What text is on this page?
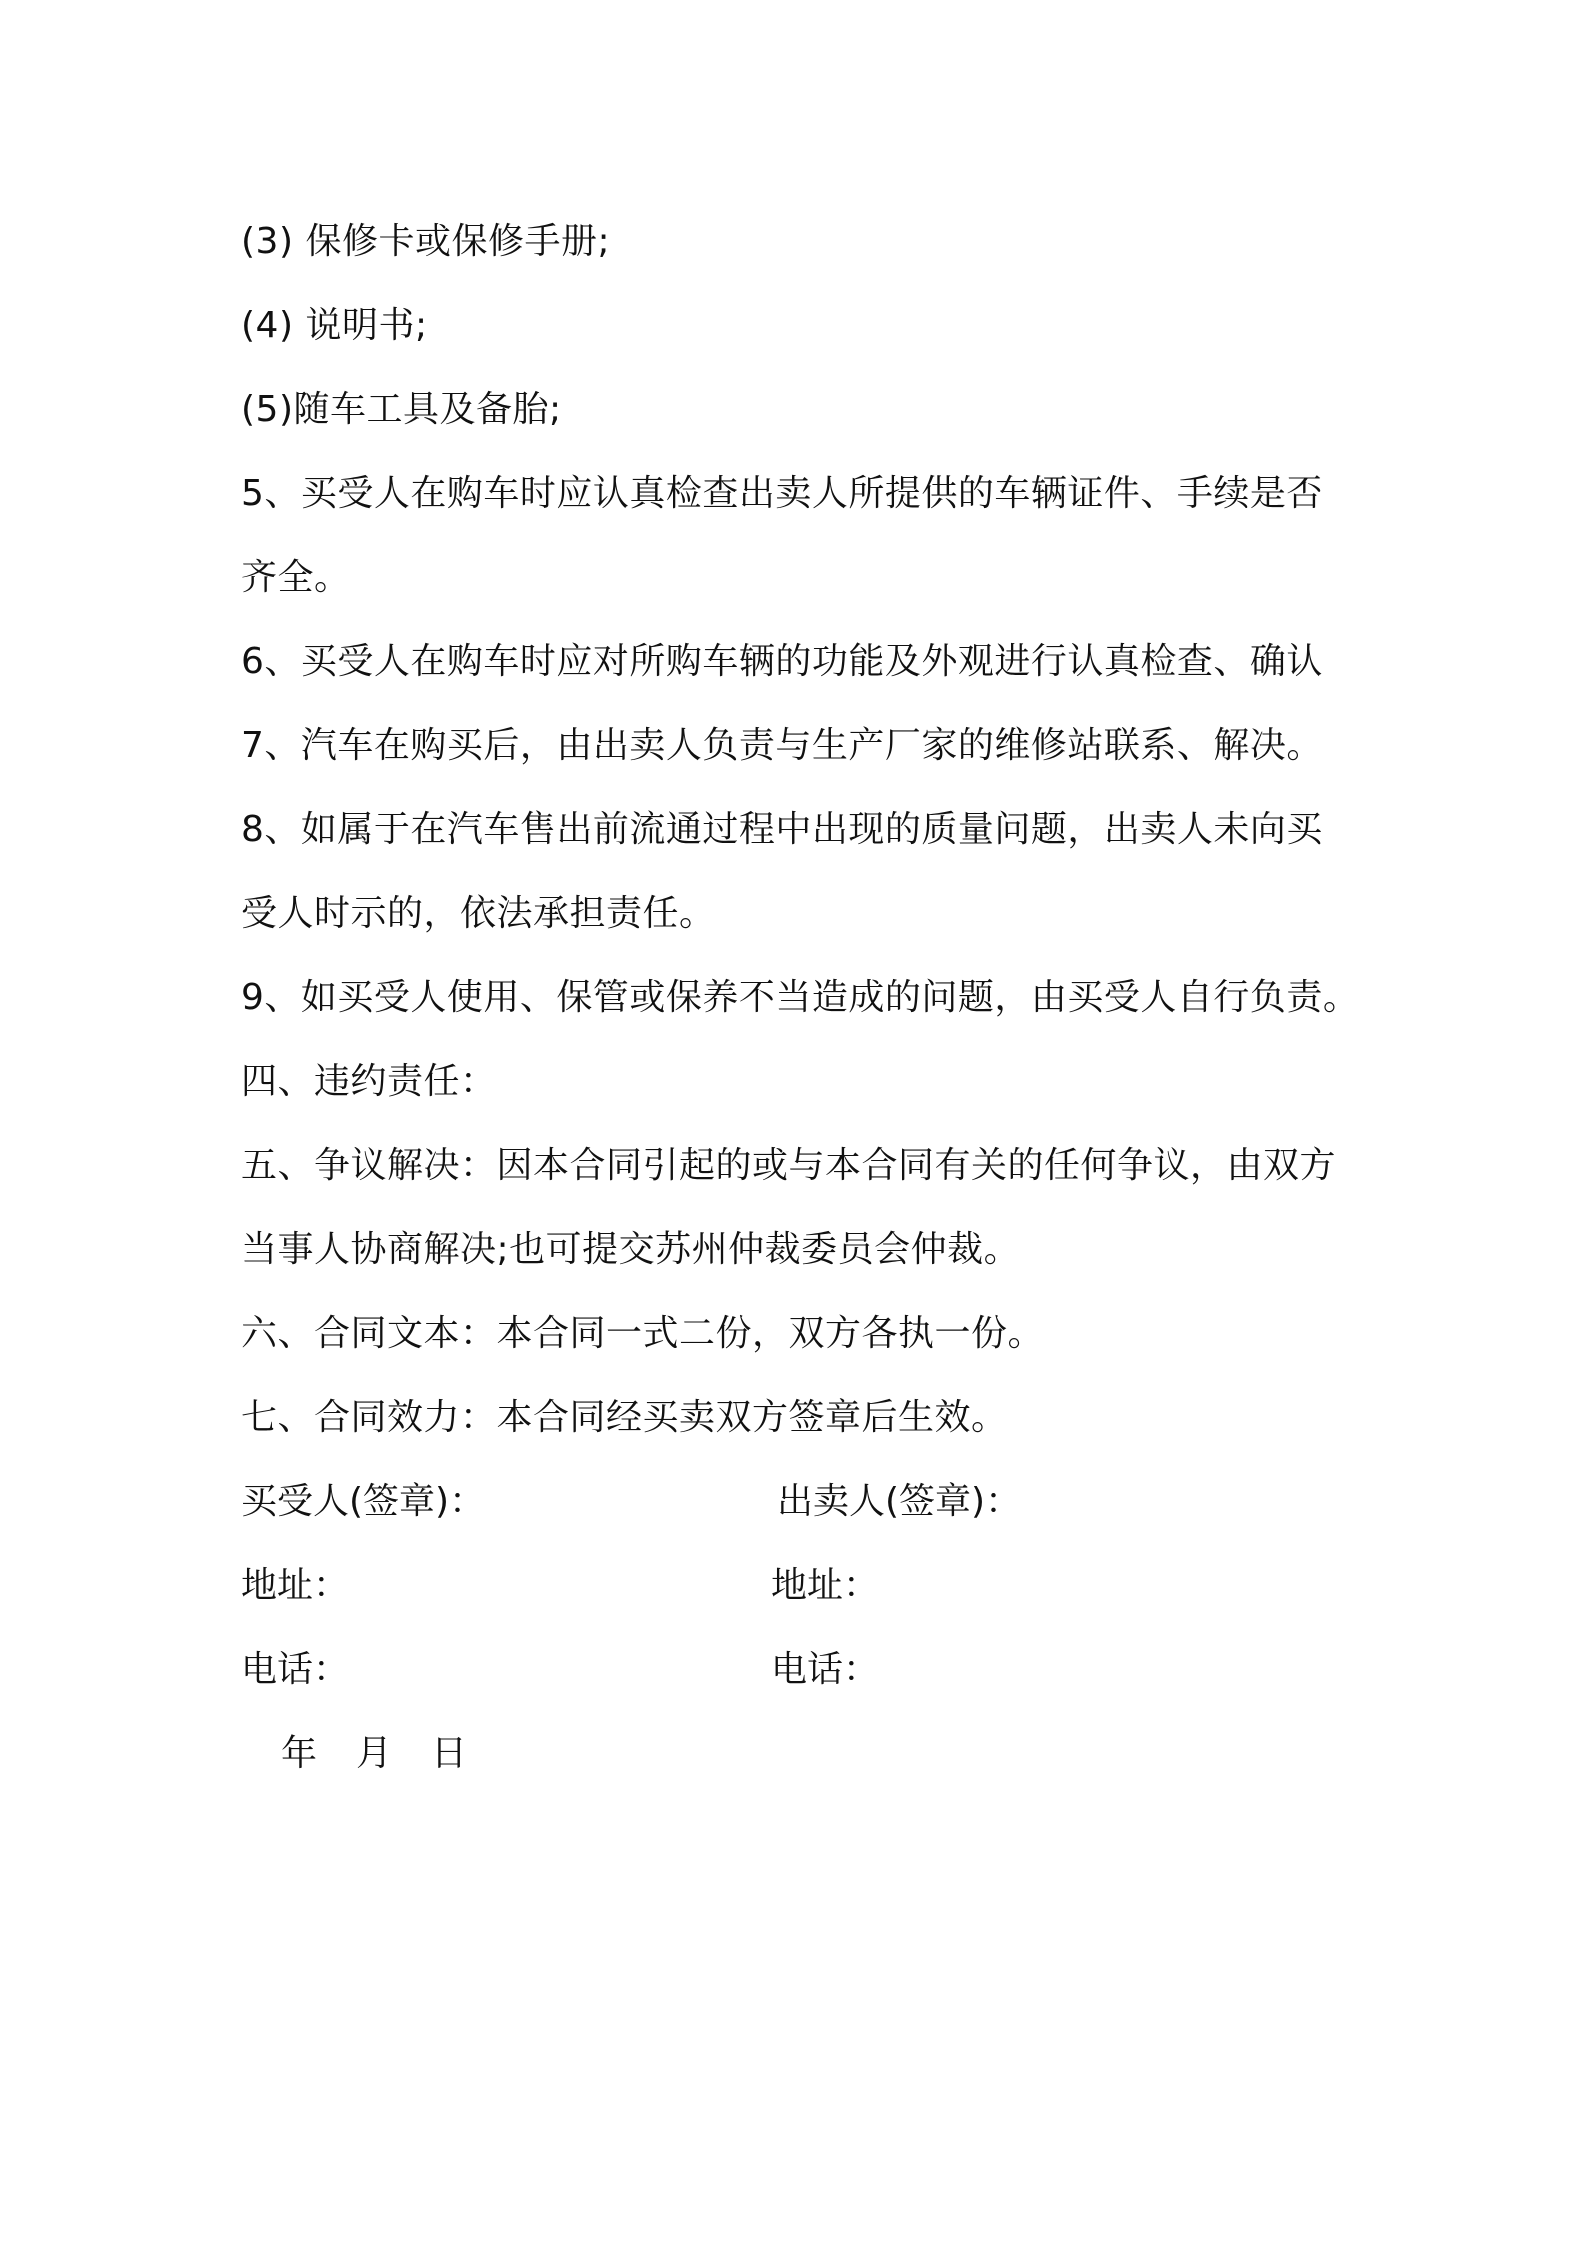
(3) 保修卡或保修手册;
(4) 说明书;
(5)随车工具及备胎;
5、买受人在购车时应认真检查出卖人所提供的车辆证件、手续是否
齐全。
6、买受人在购车时应对所购车辆的功能及外观进行认真检查、确认
7、汽车在购买后，由出卖人负责与生产厂家的维修站联系、解决。
8、如属于在汽车售出前流通过程中出现的质量问题，出卖人未向买
受人时示的，依法承担责任。
9、如买受人使用、保管或保养不当造成的问题，由买受人自行负责。
四、违约责任：
五、争议解决：因本合同引起的或与本合同有关的任何争议，由双方
当事人协商解决;也可提交苏州仲裁委员会仲裁。
六、合同文本：本合同一式二份，双方各执一份。
七、合同效力：本合同经买卖双方签章后生效。
买受人(签章)：	出卖人(签章)：
地址：	地址：
电话：	电话：
年 月 日
